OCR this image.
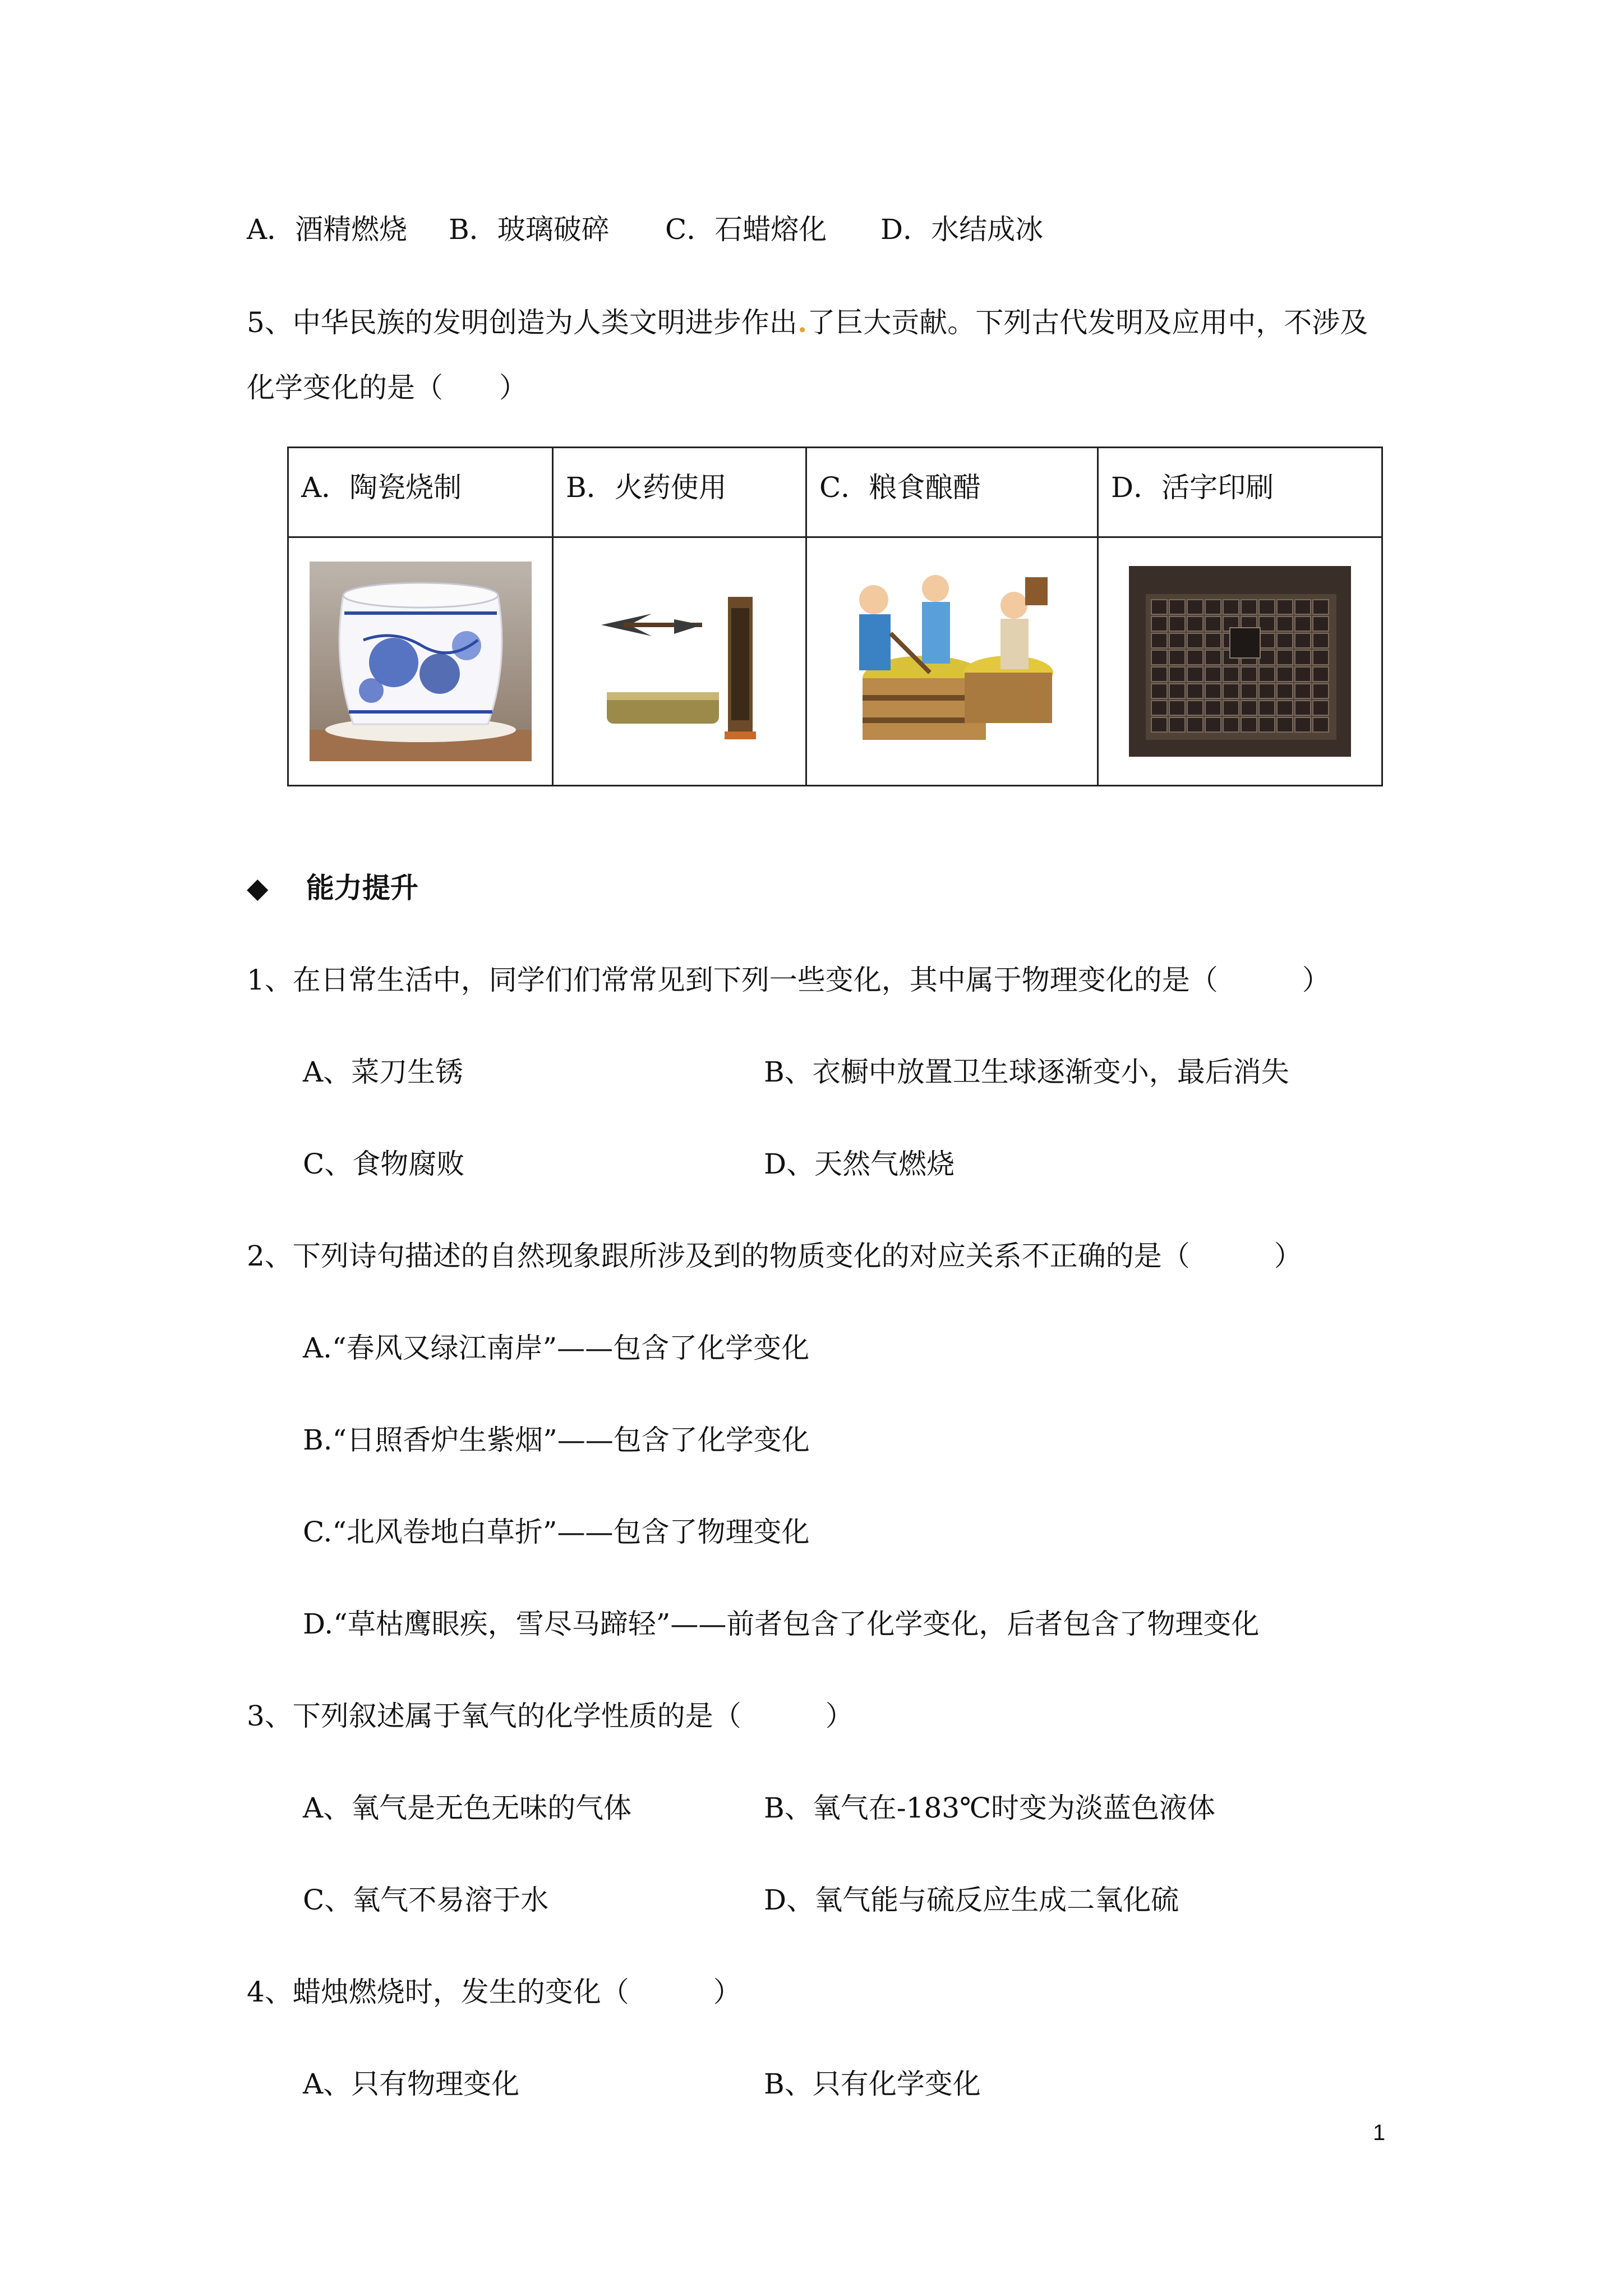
A．酒精燃烧 B．玻璃破碎 C．石蜡熔化 D．水结成冰
5、中华民族的发明创造为人类文明进步作出.了巨大贡献。下列古代发明及应用中，不涉及
化学变化的是（　　）
A．陶瓷烧制	B．火药使用	C．粮食酿醋	D．活字印刷

◆ 能力提升
1、在日常生活中，同学们们常常见到下列一些变化，其中属于物理变化的是（　　　）
A、菜刀生锈	B、衣橱中放置卫生球逐渐变小，最后消失
C、食物腐败	D、天然气燃烧
2、下列诗句描述的自然现象跟所涉及到的物质变化的对应关系不正确的是（　　　）
A.“春风又绿江南岸”——包含了化学变化
B.“日照香炉生紫烟”——包含了化学变化
C.“北风卷地白草折”——包含了物理变化
D.“草枯鹰眼疾，雪尽马蹄轻”——前者包含了化学变化，后者包含了物理变化
3、下列叙述属于氧气的化学性质的是（　　　）
A、氧气是无色无味的气体	B、氧气在-183℃时变为淡蓝色液体
C、氧气不易溶于水	D、氧气能与硫反应生成二氧化硫
4、蜡烛燃烧时，发生的变化（　　　）
A、只有物理变化	B、只有化学变化
1
